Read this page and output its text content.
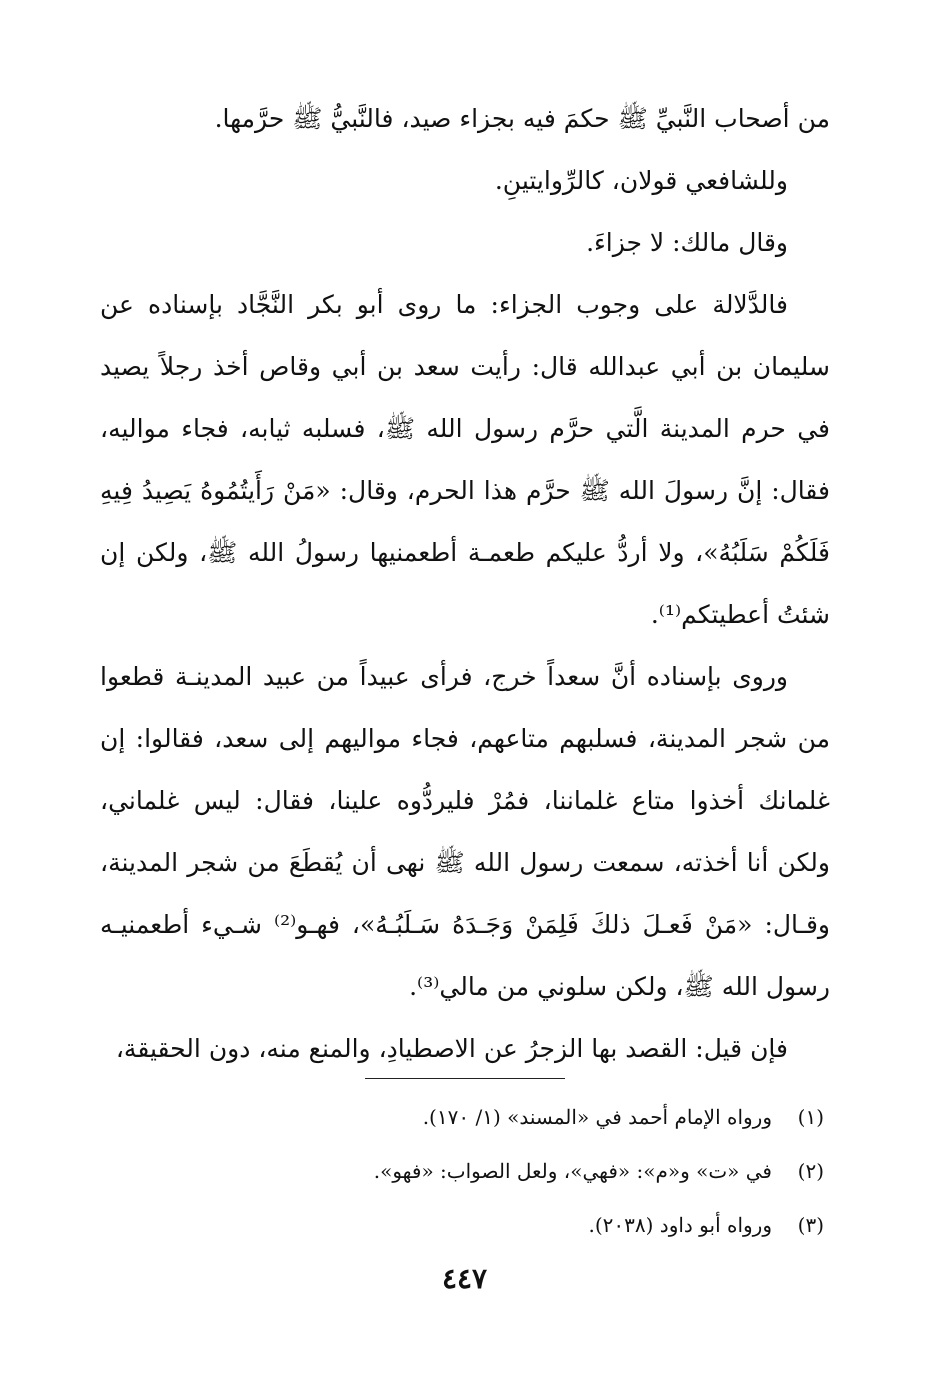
من أصحاب النَّبيِّ ﷺ حكمَ فيه بجزاء صيد، فالنَّبيُّ ﷺ حرَّمها.

وللشافعي قولان، كالرِّوايتينِ.

وقال مالك: لا جزاءَ.

فالدَّلالة على وجوب الجزاء: ما روى أبو بكر النَّجَّاد بإسناده عن سليمان بن أبي عبدالله قال: رأيت سعد بن أبي وقاص أخذ رجلاً يصيد في حرم المدينة الَّتي حرَّم رسول الله ﷺ، فسلبه ثيابه، فجاء مواليه، فقال: إنَّ رسولَ الله ﷺ حرَّم هذا الحرم، وقال: «مَنْ رَأَيتُمُوهُ يَصِيدُ فِيهِ فَلَكُمْ سَلَبُهُ»، ولا أردُّ عليكم طعمـة أطعمنيها رسولُ الله ﷺ، ولكن إن شئتُ أعطيتكم⁽¹⁾.

وروى بإسناده أنَّ سعداً خرج، فرأى عبيداً من عبيد المدينـة قطعوا من شجر المدينة، فسلبهم متاعهم، فجاء مواليهم إلى سعد، فقالوا: إن غلمانك أخذوا متاع غلماننا، فمُرْ فليردُّوه علينا، فقال: ليس غلماني، ولكن أنا أخذته، سمعت رسول الله ﷺ نهى أن يُقطَعَ من شجر المدينة، وقـال: «مَنْ فَعـلَ ذلكَ فَلِمَنْ وَجَـدَهُ سَـلَبُـهُ»، فهـو⁽²⁾ شـيء أطعمنيـه رسول الله ﷺ، ولكن سلوني من مالي⁽³⁾.

فإن قيل: القصد بها الزجرُ عن الاصطيادِ، والمنع منه، دون الحقيقة،

(١)ورواه الإمام أحمد في «المسند» (١/ ١٧٠).
(٢)في «ت» و«م»: «فهي»، ولعل الصواب: «فهو».
(٣)ورواه أبو داود (٢٠٣٨).
٤٤٧
